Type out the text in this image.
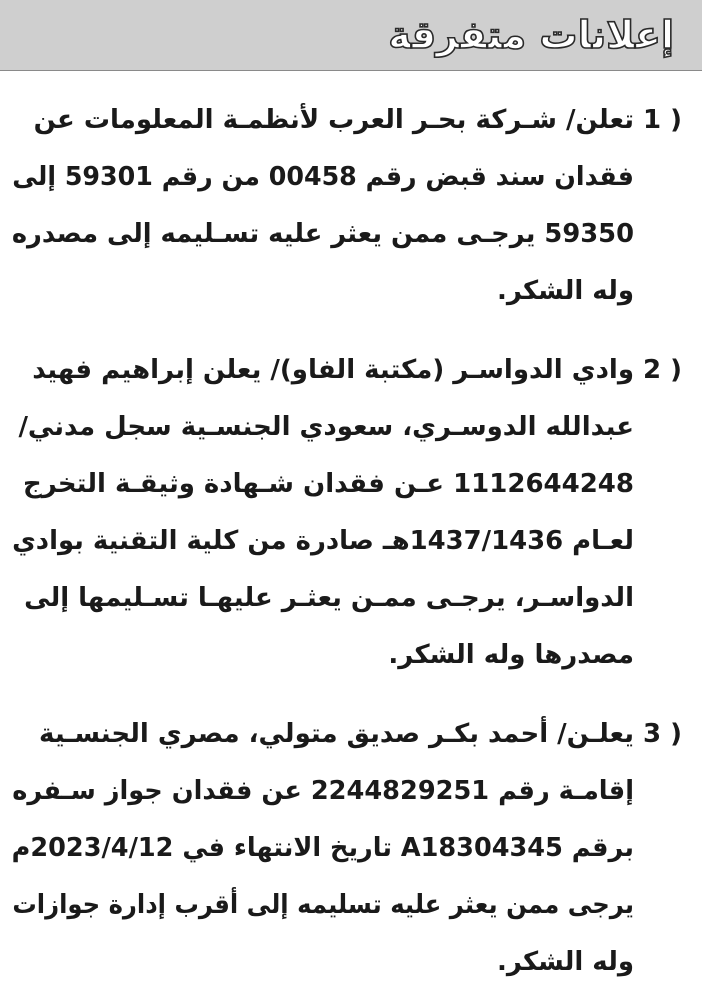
إعلانات متفرقة
1 )
تعلن/ شـركة بحـر العرب لأنظمـة المعلومات عن
فقدان سند قبض رقم 00458 من رقم 59301 إلى
59350 يرجـى ممن يعثر عليه تسـليمه إلى مصدره
وله الشكر.
2 )
وادي الدواسـر (مكتبة الفاو)/ يعلن إبراهيم فهيد
عبدالله الدوسـري، سعودي الجنسـية سجل مدني/
1112644248 عـن فقدان شـهادة وثيقـة التخرج
لعـام 1437/1436هـ صادرة من كلية التقنية بوادي
الدواسـر، يرجـى ممـن يعثـر عليهـا تسـليمها إلى
مصدرها وله الشكر.
3 )
يعلـن/ أحمد بكـر صديق متولي، مصري الجنسـية
إقامـة رقم 2244829251 عن فقدان جواز سـفره
برقم A18304345 تاريخ الانتهاء في 2023/4/12م
يرجى ممن يعثر عليه تسليمه إلى أقرب إدارة جوازات
وله الشكر.
